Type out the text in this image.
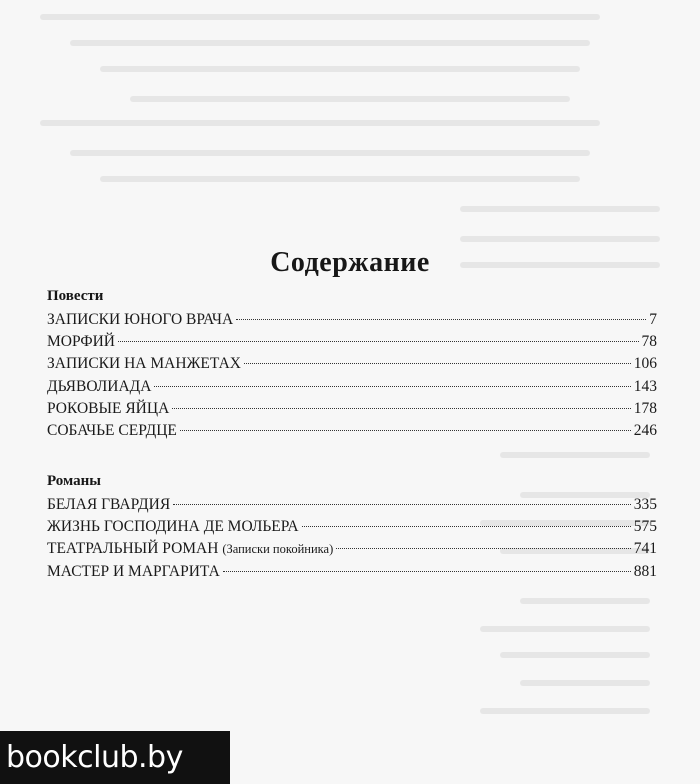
Содержание
Повести
ЗАПИСКИ ЮНОГО ВРАЧА	7
МОРФИЙ	78
ЗАПИСКИ НА МАНЖЕТАХ	106
ДЬЯВОЛИАДА	143
РОКОВЫЕ ЯЙЦА	178
СОБАЧЬЕ СЕРДЦЕ	246
Романы
БЕЛАЯ ГВАРДИЯ	335
ЖИЗНЬ ГОСПОДИНА ДЕ МОЛЬЕРА	575
ТЕАТРАЛЬНЫЙ РОМАН (Записки покойника)	741
МАСТЕР И МАРГАРИТА	881
bookclub.by
